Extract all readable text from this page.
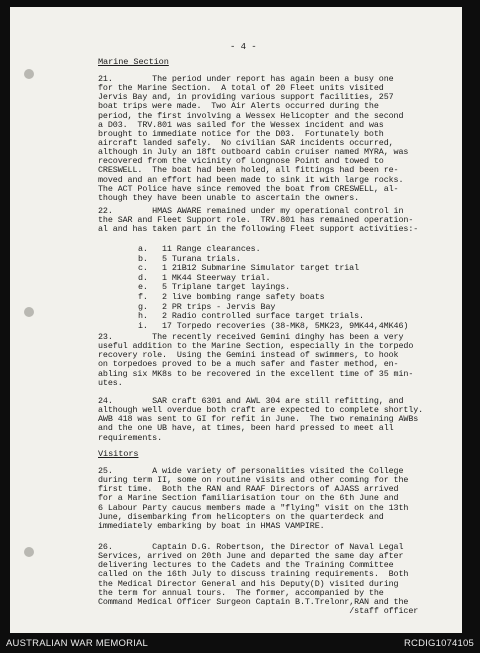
- 4 -
Marine Section
21.        The period under report has again been a busy one
for the Marine Section.  A total of 20 Fleet units visited
Jervis Bay and, in providing various support facilities, 257
boat trips were made.  Two Air Alerts occurred during the
period, the first involving a Wessex Helicopter and the second
a D03.  TRV.801 was sailed for the Wessex incident and was
brought to immediate notice for the D03.  Fortunately both
aircraft landed safely.  No civilian SAR incidents occurred,
although in July an 18ft outboard cabin cruiser named MYRA, was
recovered from the vicinity of Longnose Point and towed to
CRESWELL.  The boat had been holed, all fittings had been re-
moved and an effort had been made to sink it with large rocks.
The ACT Police have since removed the boat from CRESWELL, al-
though they have been unable to ascertain the owners.
22.        HMAS AWARE remained under my operational control in
the SAR and Fleet Support role.  TRV.801 has remained operation-
al and has taken part in the following Fleet support activities:-
a. 11 Range clearances.
b. 5 Turana trials.
c. 1 21B12 Submarine Simulator target trial
d. 1 MK44 Steerway trial.
e. 5 Triplane target layings.
f. 2 live bombing range safety boats
g. 2 PR trips - Jervis Bay
h. 2 Radio controlled surface target trials.
i. 17 Torpedo recoveries (38-MK8, 5MK23, 9MK44,4MK46)
23.        The recently received Gemini dinghy has been a very
useful addition to the Marine Section, especially in the torpedo
recovery role.  Using the Gemini instead of swimmers, to hook
on torpedoes proved to be a much safer and faster method, en-
abling six MK8s to be recovered in the excellent time of 35 min-
utes.
24.        SAR craft 6301 and AWL 304 are still refitting, and
although well overdue both craft are expected to complete shortly.
AWB 418 was sent to GI for refit in June.  The two remaining AWBs
and the one UB have, at times, been hard pressed to meet all
requirements.
Visitors
25.        A wide variety of personalities visited the College
during term II, some on routine visits and other coming for the
first time.  Both the RAN and RAAF Directors of AJASS arrived
for a Marine Section familiarisation tour on the 6th June and
6 Labour Party caucus members made a "flying" visit on the 13th
June, disembarking from helicopters on the quarterdeck and
immediately embarking by boat in HMAS VAMPIRE.
26.        Captain D.G. Robertson, the Director of Naval Legal
Services, arrived on 20th June and departed the same day after
delivering lectures to the Cadets and the Training Committee
called on the 16th July to discuss training requirements.  Both
the Medical Director General and his Deputy(D) visited during
the term for annual tours.  The former, accompanied by the
Command Medical Officer Surgeon Captain B.T.Trelonr,RAN and the
/staff officer
AUSTRALIAN WAR MEMORIAL	RCDIG1074105
